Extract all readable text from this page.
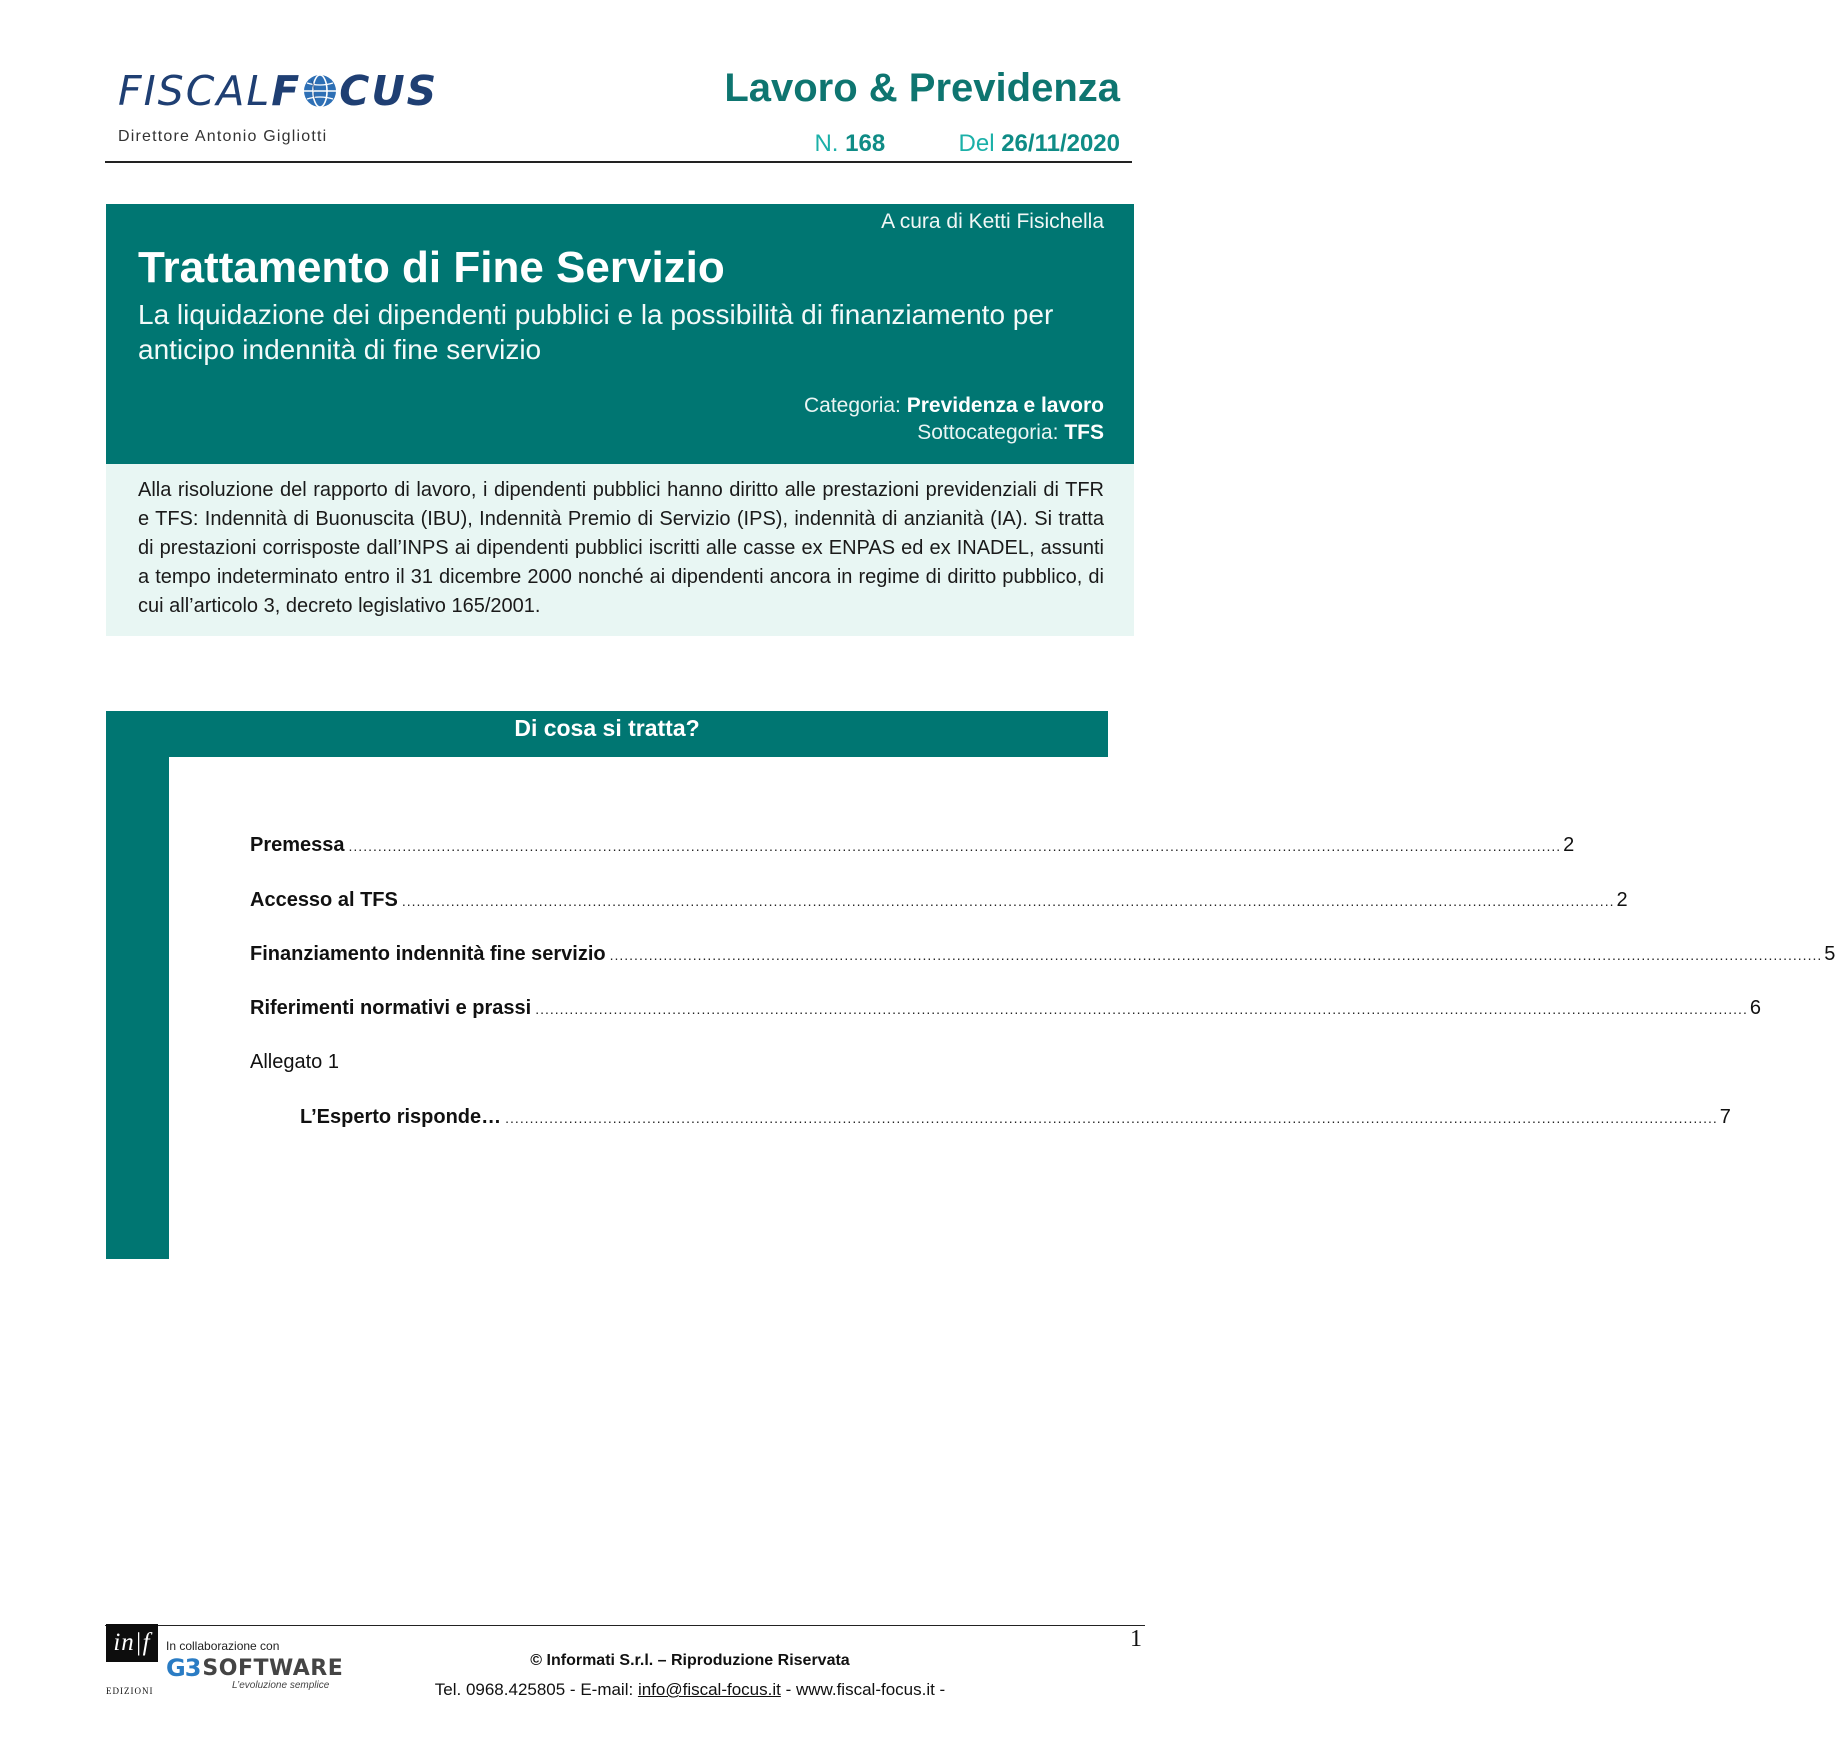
FISCAL F CUS
Direttore Antonio Gigliotti
Lavoro & Previdenza
N. 168	Del 26/11/2020
A cura di Ketti Fisichella
Trattamento di Fine Servizio
La liquidazione dei dipendenti pubblici e la possibilità di finanziamento per anticipo indennità di fine servizio
Categoria: Previdenza e lavoro
Sottocategoria: TFS

Alla risoluzione del rapporto di lavoro, i dipendenti pubblici hanno diritto alle prestazioni previdenziali di TFR e TFS: Indennità di Buonuscita (IBU), Indennità Premio di Servizio (IPS), indennità di anzianità (IA). Si tratta di prestazioni corrisposte dall’INPS ai dipendenti pubblici iscritti alle casse ex ENPAS ed ex INADEL, assunti a tempo indeterminato entro il 31 dicembre 2000 nonché ai dipendenti ancora in regime di diritto pubblico, di cui all’articolo 3, decreto legislativo 165/2001.

Di cosa si tratta?
Premessa ........................................................................................................................................................................................................................................................ 2
Accesso al TFS ........................................................................................................................................................................................................................................................ 2
Finanziamento indennità fine servizio ........................................................................................................................................................................................................................................................ 5
Riferimenti normativi e prassi ........................................................................................................................................................................................................................................................ 6
Allegato 1
L’Esperto risponde… ........................................................................................................................................................................................................................................................ 7
1
in|f
EDIZIONI
In collaborazione con
G3 SOFTWARE
L’evoluzione semplice
© Informati S.r.l. – Riproduzione Riservata
Tel. 0968.425805 - E-mail: info@fiscal-focus.it - www.fiscal-focus.it -
